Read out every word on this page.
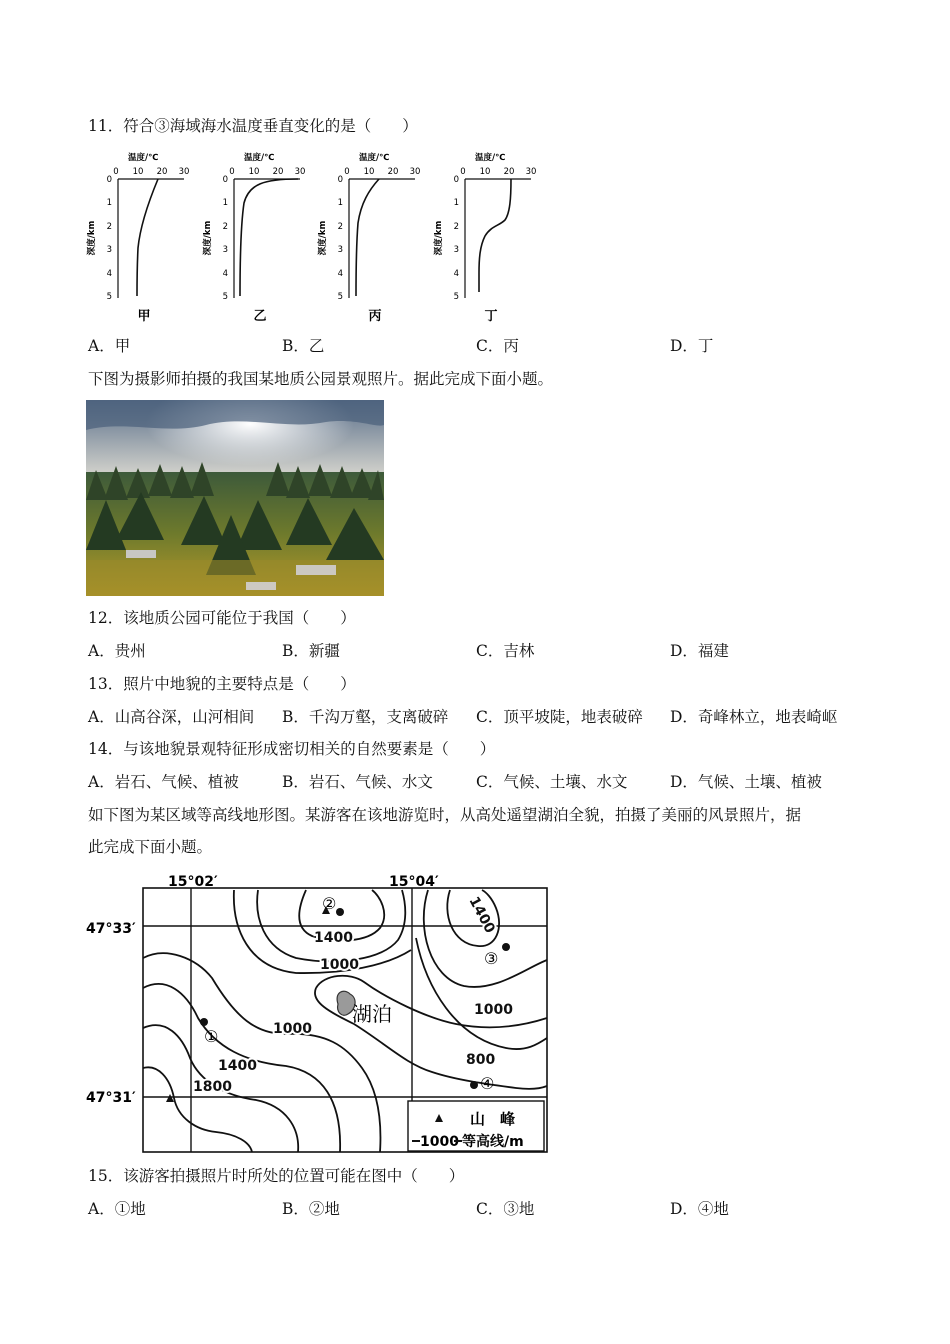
11．符合③海域海水温度垂直变化的是（　　）
温度/℃
0 10 20 30
0
1
2
3
4
5
深度/km
甲
温度/℃
0 10 20 30
0
1
2
3
4
5
深度/km
乙
温度/℃
0 10 20 30
0
1
2
3
4
5
深度/km
丙
温度/℃
0 10 20 30
0
1
2
3
4
5
深度/km
丁
A．甲	B．乙	C．丙	D．丁
下图为摄影师拍摄的我国某地质公园景观照片。据此完成下面小题。
12．该地质公园可能位于我国（　　）
A．贵州	B．新疆	C．吉林	D．福建
13．照片中地貌的主要特点是（　　）
A．山高谷深，山河相间 B．千沟万壑，支离破碎 C．顶平坡陡，地表破碎 D．奇峰林立，地表崎岖
14．与该地貌景观特征形成密切相关的自然要素是（　　）
A．岩石、气候、植被	B．岩石、气候、水文	C．气候、土壤、水文	D．气候、土壤、植被
如下图为某区域等高线地形图。某游客在该地游览时，从高处遥望湖泊全貌，拍摄了美丽的风景照片，据
此完成下面小题。
15°02′	15°04′
47°33′
47°31′
湖泊
1400
1400
1000
1000
1000
1400
1800
800
②
③
①
④
山　峰
1000 等高线/m
15．该游客拍摄照片时所处的位置可能在图中（　　）
A．①地	B．②地	C．③地	D．④地
